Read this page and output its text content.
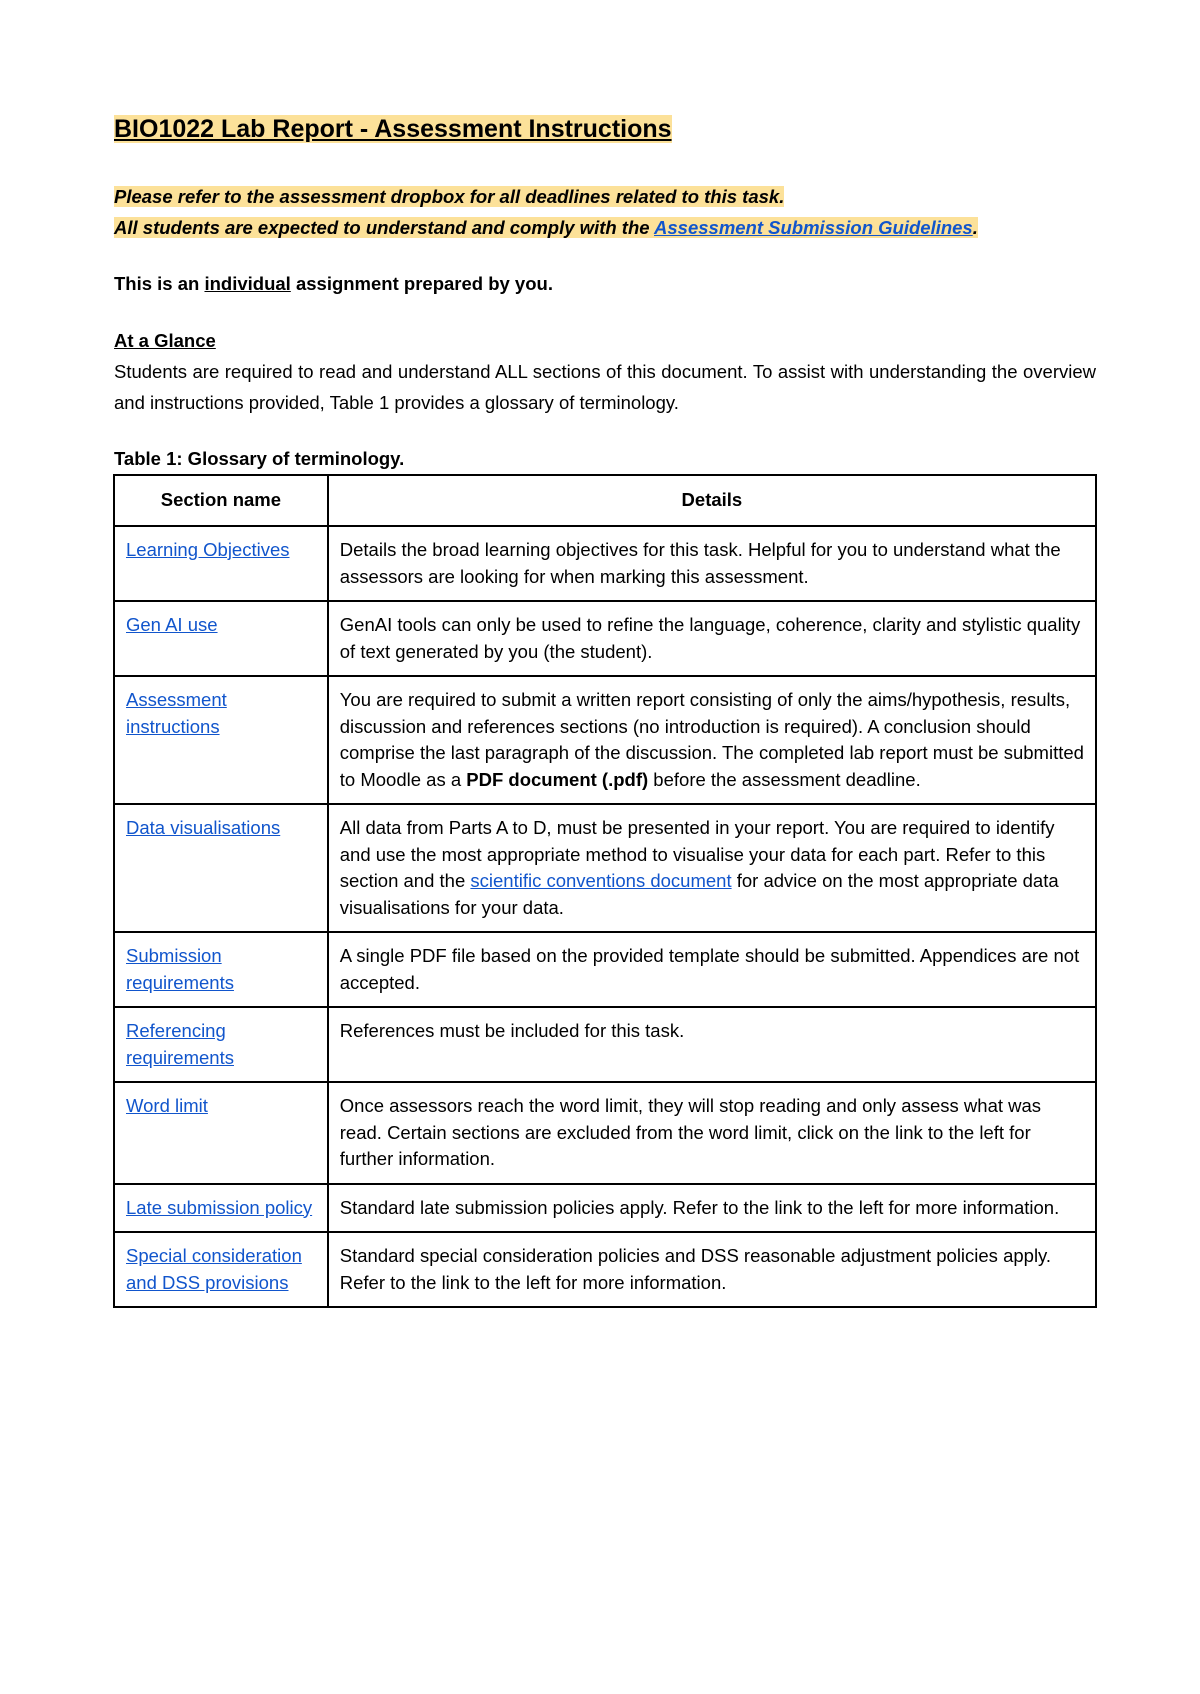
BIO1022 Lab Report - Assessment Instructions
Please refer to the assessment dropbox for all deadlines related to this task.
All students are expected to understand and comply with the Assessment Submission Guidelines.
This is an individual assignment prepared by you.
At a Glance
Students are required to read and understand ALL sections of this document. To assist with understanding the overview and instructions provided, Table 1 provides a glossary of terminology.
Table 1: Glossary of terminology.
Section name	Details
Learning Objectives	Details the broad learning objectives for this task. Helpful for you to understand what the assessors are looking for when marking this assessment.
Gen AI use	GenAI tools can only be used to refine the language, coherence, clarity and stylistic quality of text generated by you (the student).
Assessment instructions	You are required to submit a written report consisting of only the aims/hypothesis, results, discussion and references sections (no introduction is required). A conclusion should comprise the last paragraph of the discussion. The completed lab report must be submitted to Moodle as a PDF document (.pdf) before the assessment deadline.
Data visualisations	All data from Parts A to D, must be presented in your report. You are required to identify and use the most appropriate method to visualise your data for each part. Refer to this section and the scientific conventions document for advice on the most appropriate data visualisations for your data.
Submission requirements	A single PDF file based on the provided template should be submitted. Appendices are not accepted.
Referencing requirements	References must be included for this task.
Word limit	Once assessors reach the word limit, they will stop reading and only assess what was read. Certain sections are excluded from the word limit, click on the link to the left for further information.
Late submission policy	Standard late submission policies apply. Refer to the link to the left for more information.
Special consideration and DSS provisions	Standard special consideration policies and DSS reasonable adjustment policies apply. Refer to the link to the left for more information.
